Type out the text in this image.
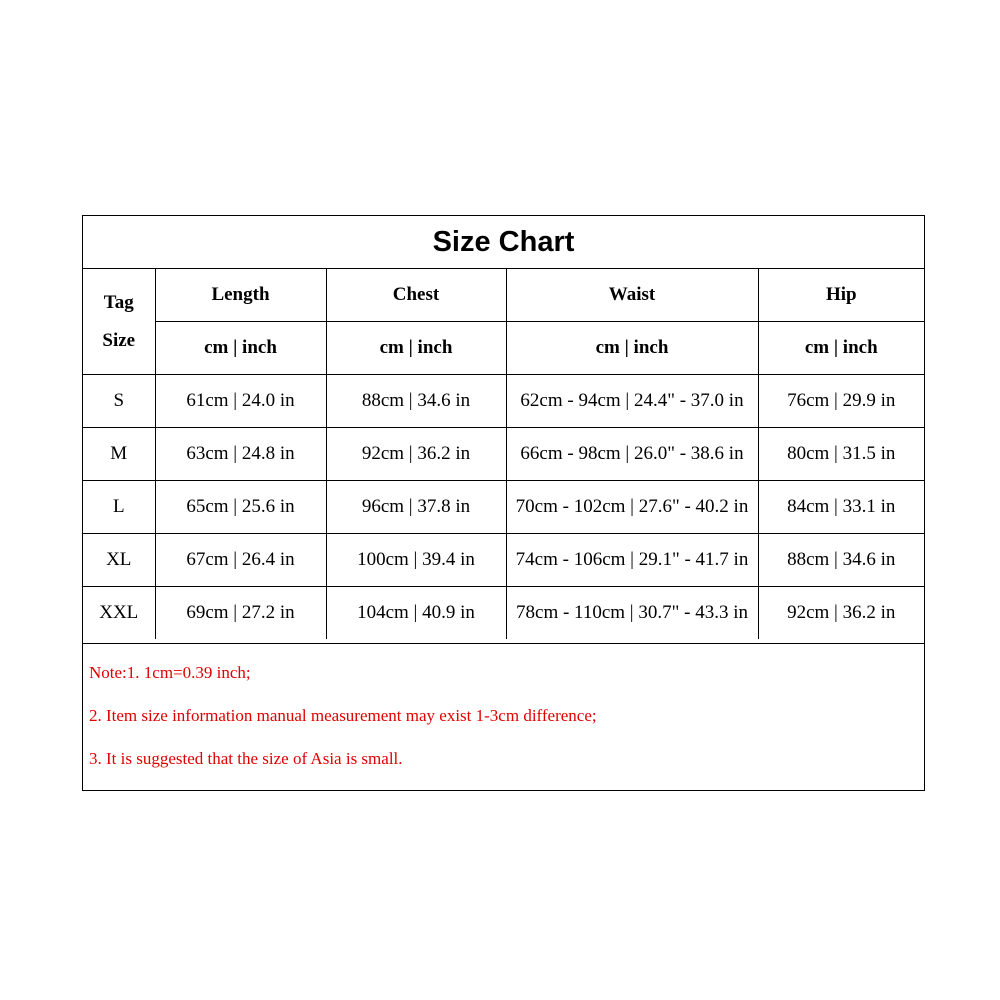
Size Chart
Tag
Size	Length	Chest	Waist	Hip
	cm | inch	cm | inch	cm | inch	cm | inch
S	61cm | 24.0 in	88cm | 34.6 in	62cm - 94cm | 24.4" - 37.0 in	76cm | 29.9 in
M	63cm | 24.8 in	92cm | 36.2 in	66cm - 98cm | 26.0" - 38.6 in	80cm | 31.5 in
L	65cm | 25.6 in	96cm | 37.8 in	70cm - 102cm | 27.6" - 40.2 in	84cm | 33.1 in
XL	67cm | 26.4 in	100cm | 39.4 in	74cm - 106cm | 29.1" - 41.7 in	88cm | 34.6 in
XXL	69cm | 27.2 in	104cm | 40.9 in	78cm - 110cm | 30.7" - 43.3 in	92cm | 36.2 in
Note:1. 1cm=0.39 inch;
2. Item size information manual measurement may exist 1-3cm difference;
3. It is suggested that the size of Asia is small.
